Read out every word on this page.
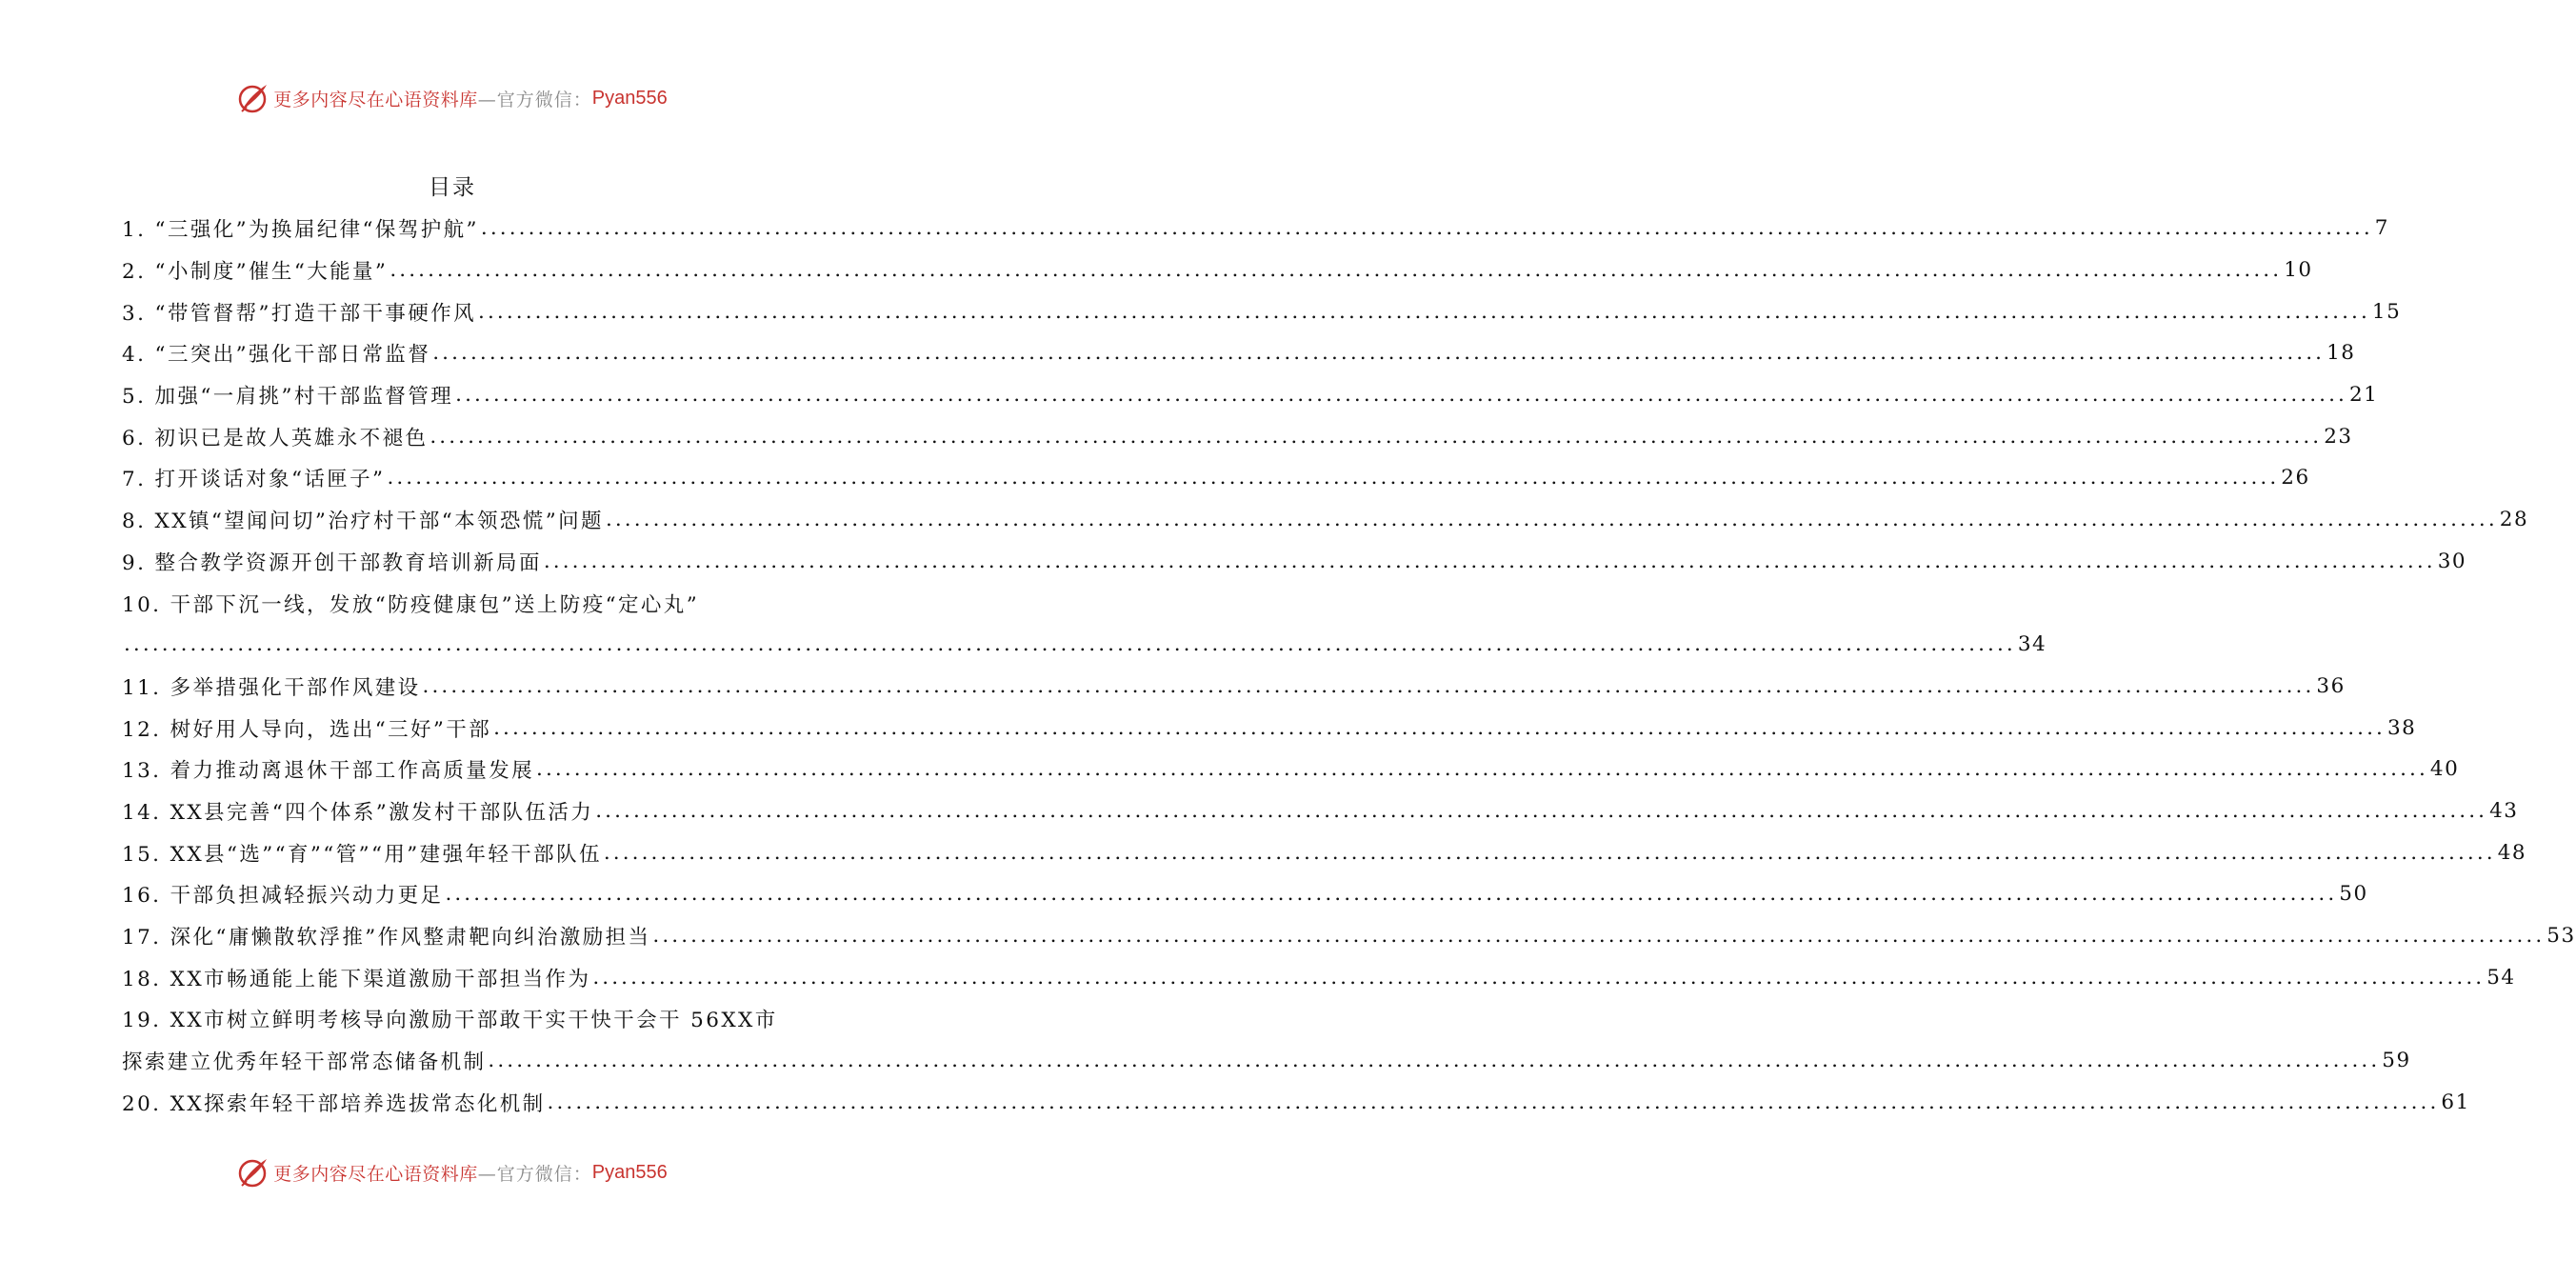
更多内容尽在心语资料库 —官方微信： Pyan556
目录
1. “三强化”为换届纪律“保驾护航” ........................................................................................................................................................................................................ 7
2. “小制度”催生“大能量” ........................................................................................................................................................................................................ 10
3. “带管督帮”打造干部干事硬作风 ........................................................................................................................................................................................................ 15
4. “三突出”强化干部日常监督 ........................................................................................................................................................................................................ 18
5. 加强“一肩挑”村干部监督管理 ........................................................................................................................................................................................................ 21
6. 初识已是故人英雄永不褪色 ........................................................................................................................................................................................................ 23
7. 打开谈话对象“话匣子” ........................................................................................................................................................................................................ 26
8. XX镇“望闻问切”治疗村干部“本领恐慌”问题 ........................................................................................................................................................................................................ 28
9. 整合教学资源开创干部教育培训新局面 ........................................................................................................................................................................................................ 30
10. 干部下沉一线，发放“防疫健康包”送上防疫“定心丸”
........................................................................................................................................................................................................ 34
11. 多举措强化干部作风建设 ........................................................................................................................................................................................................ 36
12. 树好用人导向，选出“三好”干部 ........................................................................................................................................................................................................ 38
13. 着力推动离退休干部工作高质量发展 ........................................................................................................................................................................................................ 40
14. XX县完善“四个体系”激发村干部队伍活力 ........................................................................................................................................................................................................ 43
15. XX县“选”“育”“管”“用”建强年轻干部队伍 ........................................................................................................................................................................................................ 48
16. 干部负担减轻振兴动力更足 ........................................................................................................................................................................................................ 50
17. 深化“庸懒散软浮推”作风整肃靶向纠治激励担当 ........................................................................................................................................................................................................ 53
18. XX市畅通能上能下渠道激励干部担当作为 ........................................................................................................................................................................................................ 54
19. XX市树立鲜明考核导向激励干部敢干实干快干会干 56XX市
探索建立优秀年轻干部常态储备机制 ........................................................................................................................................................................................................ 59
20. XX探索年轻干部培养选拔常态化机制 ........................................................................................................................................................................................................ 61
更多内容尽在心语资料库 —官方微信： Pyan556
